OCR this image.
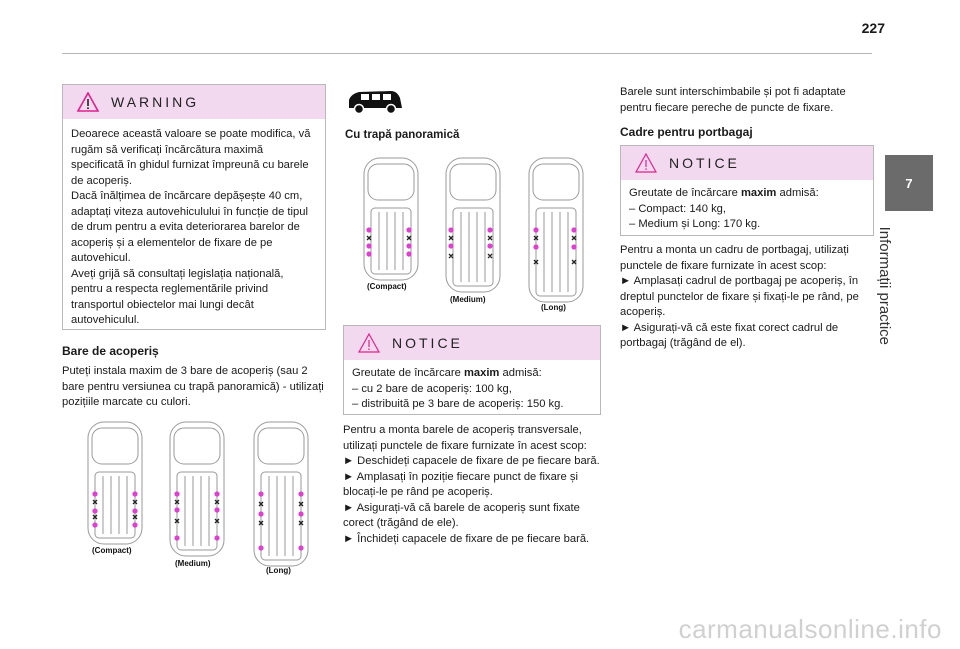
227
7
Informații practice
WARNING
Deoarece această valoare se poate modifica, vă rugăm să verificați încărcătura maximă specificată în ghidul furnizat împreună cu barele de acoperiș.
Dacă înălțimea de încărcare depășește 40 cm, adaptați viteza autovehiculului în funcție de tipul de drum pentru a evita deteriorarea barelor de acoperiș și a elementelor de fixare de pe autovehicul.
Aveți grijă să consultați legislația națională, pentru a respecta reglementările privind transportul obiectelor mai lungi decât autovehiculul.
Bare de acoperiș
Puteți instala maxim de 3 bare de acoperiș (sau 2 bare pentru versiunea cu trapă panoramică) - utilizați pozițiile marcate cu culori.
(Compact)
(Medium)
(Long)
Cu trapă panoramică
(Compact)
(Medium)
(Long)
NOTICE
Greutate de încărcare maxim admisă:
– cu 2 bare de acoperiș: 100 kg,
– distribuită pe 3 bare de acoperiș: 150 kg.
Pentru a monta barele de acoperiș transversale, utilizați punctele de fixare furnizate în acest scop:
► Deschideți capacele de fixare de pe fiecare bară.
► Amplasați în poziție fiecare punct de fixare și blocați-le pe rând pe acoperiș.
► Asigurați-vă că barele de acoperiș sunt fixate corect (trăgând de ele).
► Închideți capacele de fixare de pe fiecare bară.
Barele sunt interschimbabile și pot fi adaptate pentru fiecare pereche de puncte de fixare.
Cadre pentru portbagaj
NOTICE
Greutate de încărcare maxim admisă:
– Compact: 140 kg,
– Medium și Long: 170 kg.
Pentru a monta un cadru de portbagaj, utilizați punctele de fixare furnizate în acest scop:
► Amplasați cadrul de portbagaj pe acoperiș, în dreptul punctelor de fixare și fixați-le pe rând, pe acoperiș.
► Asigurați-vă că este fixat corect cadrul de portbagaj (trăgând de el).
carmanualsonline.info
